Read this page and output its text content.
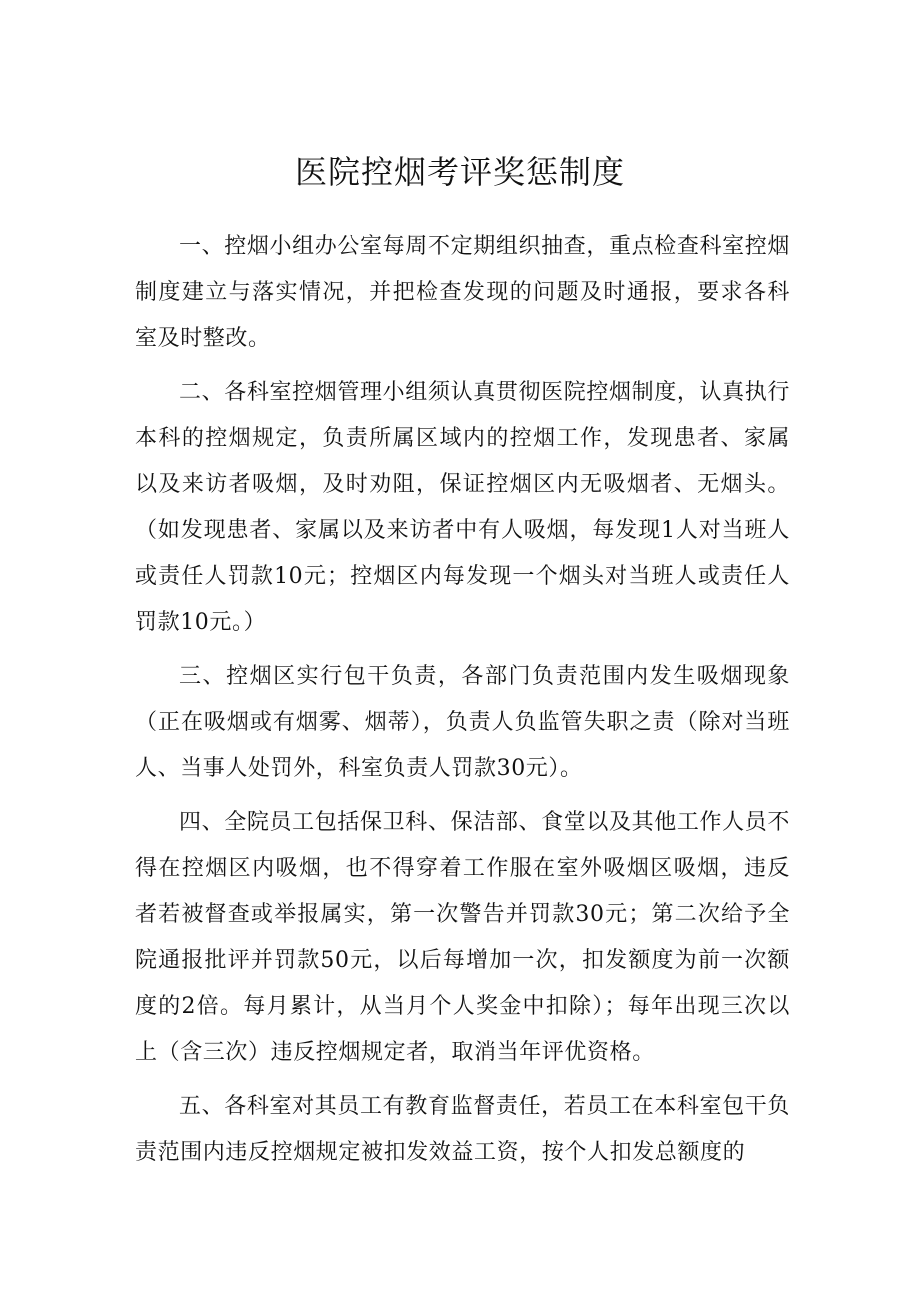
医院控烟考评奖惩制度

一、控烟小组办公室每周不定期组织抽查，重点检查科室控烟制度建立与落实情况，并把检查发现的问题及时通报，要求各科室及时整改。

二、各科室控烟管理小组须认真贯彻医院控烟制度，认真执行本科的控烟规定，负责所属区域内的控烟工作，发现患者、家属以及来访者吸烟，及时劝阻，保证控烟区内无吸烟者、无烟头。（如发现患者、家属以及来访者中有人吸烟，每发现1人对当班人或责任人罚款10元；控烟区内每发现一个烟头对当班人或责任人罚款10元。）

三、控烟区实行包干负责，各部门负责范围内发生吸烟现象（正在吸烟或有烟雾、烟蒂），负责人负监管失职之责（除对当班人、当事人处罚外，科室负责人罚款30元）。

四、全院员工包括保卫科、保洁部、食堂以及其他工作人员不得在控烟区内吸烟，也不得穿着工作服在室外吸烟区吸烟，违反者若被督查或举报属实，第一次警告并罚款30元；第二次给予全院通报批评并罚款50元，以后每增加一次，扣发额度为前一次额度的2倍。每月累计，从当月个人奖金中扣除）；每年出现三次以上（含三次）违反控烟规定者，取消当年评优资格。

五、各科室对其员工有教育监督责任，若员工在本科室包干负责范围内违反控烟规定被扣发效益工资，按个人扣发总额度的
